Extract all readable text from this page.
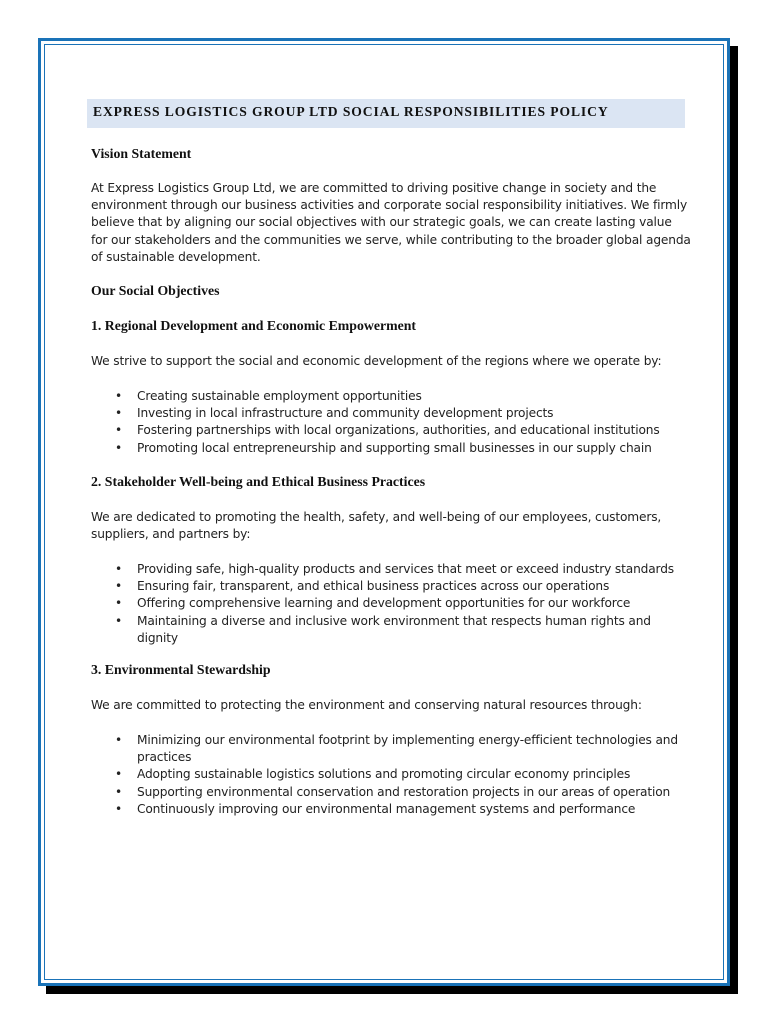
EXPRESS LOGISTICS GROUP LTD SOCIAL RESPONSIBILITIES POLICY
Vision Statement
At Express Logistics Group Ltd, we are committed to driving positive change in society and the environment through our business activities and corporate social responsibility initiatives. We firmly believe that by aligning our social objectives with our strategic goals, we can create lasting value for our stakeholders and the communities we serve, while contributing to the broader global agenda of sustainable development.
Our Social Objectives
1. Regional Development and Economic Empowerment
We strive to support the social and economic development of the regions where we operate by:
• Creating sustainable employment opportunities
• Investing in local infrastructure and community development projects
• Fostering partnerships with local organizations, authorities, and educational institutions
• Promoting local entrepreneurship and supporting small businesses in our supply chain
2. Stakeholder Well-being and Ethical Business Practices
We are dedicated to promoting the health, safety, and well-being of our employees, customers, suppliers, and partners by:
• Providing safe, high-quality products and services that meet or exceed industry standards
• Ensuring fair, transparent, and ethical business practices across our operations
• Offering comprehensive learning and development opportunities for our workforce
• Maintaining a diverse and inclusive work environment that respects human rights and dignity
3. Environmental Stewardship
We are committed to protecting the environment and conserving natural resources through:
• Minimizing our environmental footprint by implementing energy-efficient technologies and practices
• Adopting sustainable logistics solutions and promoting circular economy principles
• Supporting environmental conservation and restoration projects in our areas of operation
• Continuously improving our environmental management systems and performance
